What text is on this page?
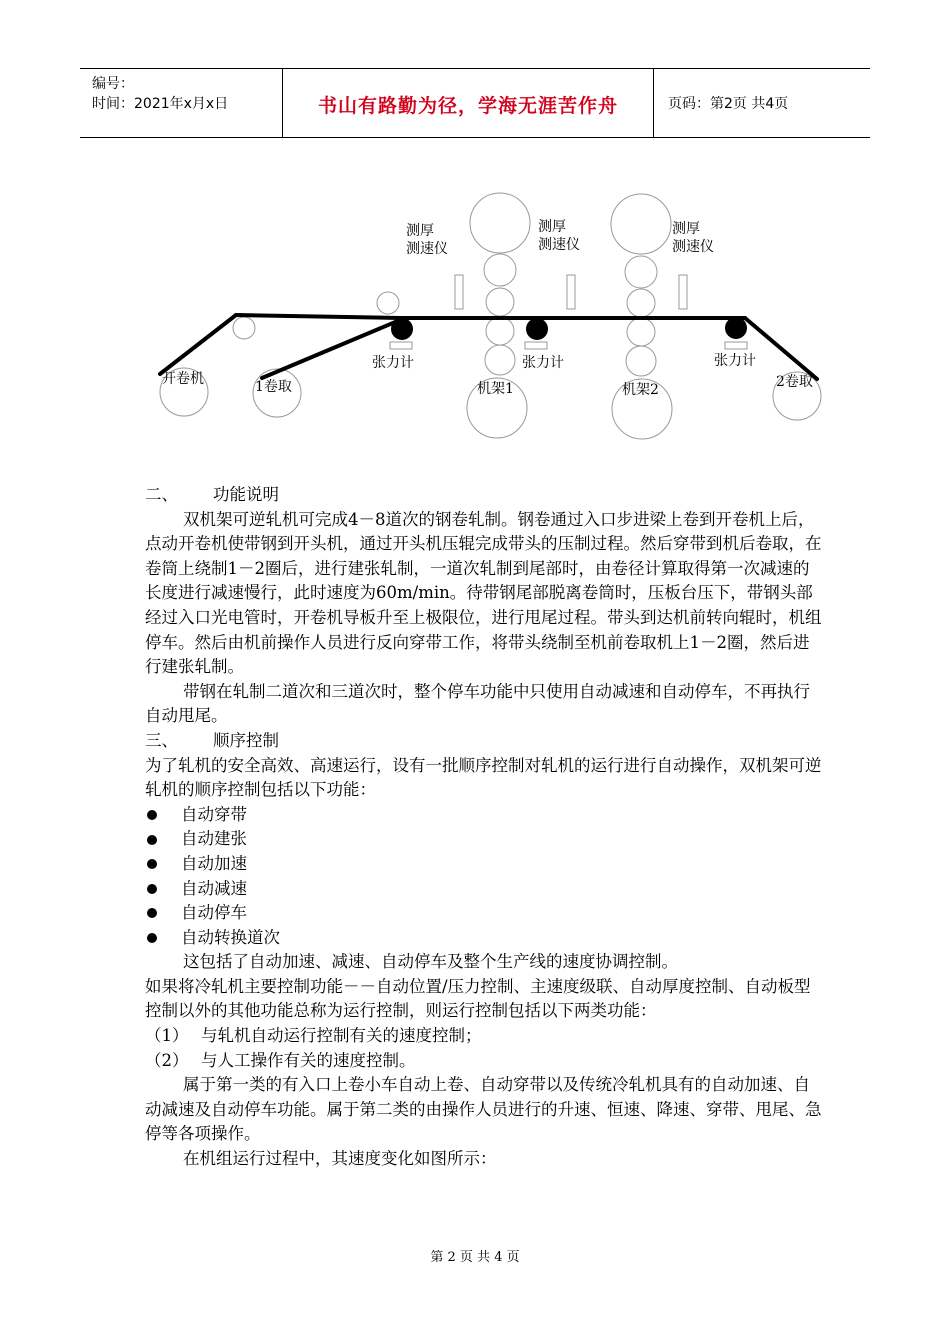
编号：
时间：2021年x月x日	书山有路勤为径，学海无涯苦作舟	页码：第2页 共4页
测厚
测速仪
测厚
测速仪
测厚
测速仪
张力计	张力计	张力计
开卷机	1卷取	机架1	机架2	2卷取
二、	功能说明

双机架可逆轧机可完成4－8道次的钢卷轧制。钢卷通过入口步进梁上卷到开卷机上后，点动开卷机使带钢到开头机，通过开头机压辊完成带头的压制过程。然后穿带到机后卷取，在卷筒上绕制1－2圈后，进行建张轧制，一道次轧制到尾部时，由卷径计算取得第一次减速的长度进行减速慢行，此时速度为60m/min。待带钢尾部脱离卷筒时，压板台压下，带钢头部经过入口光电管时，开卷机导板升至上极限位，进行甩尾过程。带头到达机前转向辊时，机组停车。然后由机前操作人员进行反向穿带工作，将带头绕制至机前卷取机上1－2圈，然后进行建张轧制。

带钢在轧制二道次和三道次时，整个停车功能中只使用自动减速和自动停车，不再执行自动甩尾。

三、	顺序控制

为了轧机的安全高效、高速运行，设有一批顺序控制对轧机的运行进行自动操作，双机架可逆轧机的顺序控制包括以下功能：

自动穿带
自动建张
自动加速
自动减速
自动停车
自动转换道次

这包括了自动加速、减速、自动停车及整个生产线的速度协调控制。

如果将冷轧机主要控制功能－－自动位置/压力控制、主速度级联、自动厚度控制、自动板型控制以外的其他功能总称为运行控制，则运行控制包括以下两类功能：

（1） 与轧机自动运行控制有关的速度控制；
（2） 与人工操作有关的速度控制。

属于第一类的有入口上卷小车自动上卷、自动穿带以及传统冷轧机具有的自动加速、自动减速及自动停车功能。属于第二类的由操作人员进行的升速、恒速、降速、穿带、甩尾、急停等各项操作。

在机组运行过程中，其速度变化如图所示：

第 2 页 共 4 页
